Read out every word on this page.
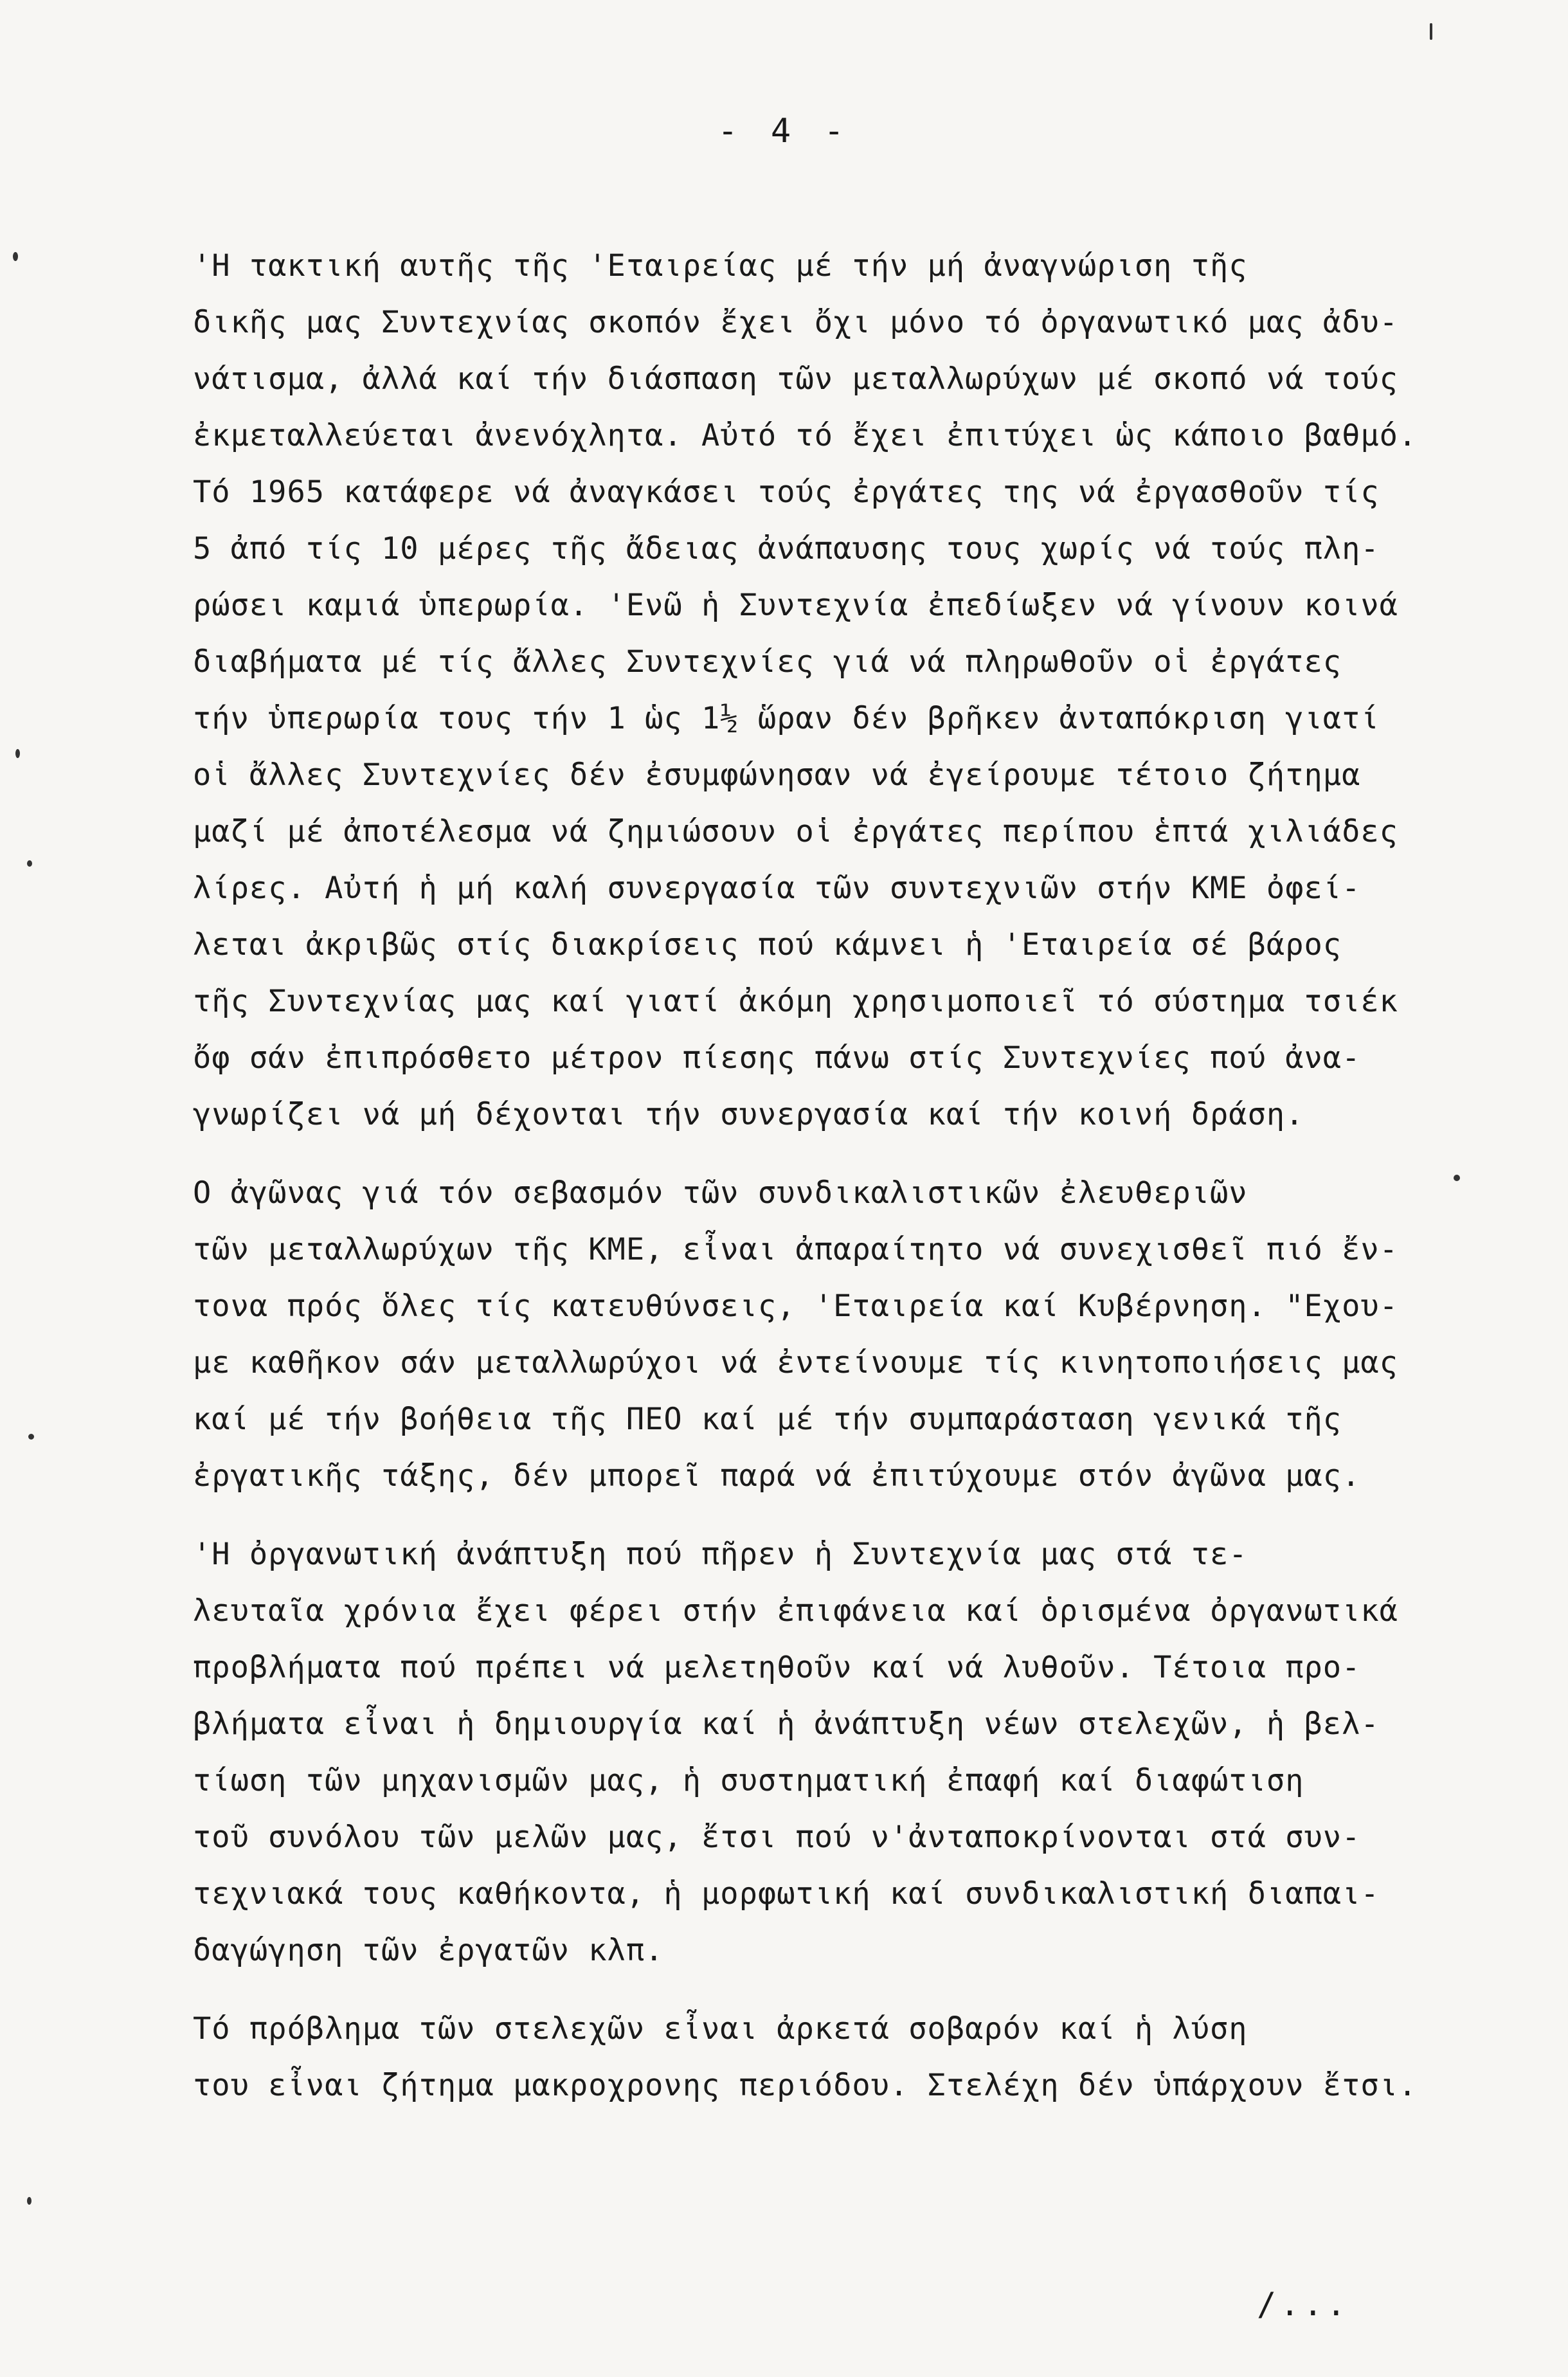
- 4 -
'Η τακτική αυτῆς τῆς 'Εταιρείας μέ τήν μή ἀναγνώριση τῆς
δικῆς μας Συντεχνίας σκοπόν ἔχει ὄχι μόνο τό ὀργανωτικό μας ἀδυ-
νάτισμα, ἀλλά καί τήν διάσπαση τῶν μεταλλωρύχων μέ σκοπό νά τούς
ἐκμεταλλεύεται ἀνενόχλητα. Αὐτό τό ἔχει ἐπιτύχει ὡς κάποιο βαθμό.
Τό 1965 κατάφερε νά ἀναγκάσει τούς ἐργάτες της νά ἐργασθοῦν τίς
5 ἀπό τίς 10 μέρες τῆς ἄδειας ἀνάπαυσης τους χωρίς νά τούς πλη-
ρώσει καμιά ὑπερωρία. 'Ενῶ ἡ Συντεχνία ἐπεδίωξεν νά γίνουν κοινά
διαβήματα μέ τίς ἄλλες Συντεχνίες γιά νά πληρωθοῦν οἱ ἐργάτες
τήν ὑπερωρία τους τήν 1 ὡς 1½ ὥραν δέν βρῆκεν ἀνταπόκριση γιατί
οἱ ἄλλες Συντεχνίες δέν ἐσυμφώνησαν νά ἐγείρουμε τέτοιο ζήτημα
μαζί μέ ἀποτέλεσμα νά ζημιώσουν οἱ ἐργάτες περίπου ἑπτά χιλιάδες
λίρες. Αὐτή ἡ μή καλή συνεργασία τῶν συντεχνιῶν στήν ΚΜΕ ὀφεί-
λεται ἀκριβῶς στίς διακρίσεις πού κάμνει ἡ 'Εταιρεία σέ βάρος
τῆς Συντεχνίας μας καί γιατί ἀκόμη χρησιμοποιεῖ τό σύστημα τσιέκ
ὄφ σάν ἐπιπρόσθετο μέτρον πίεσης πάνω στίς Συντεχνίες πού ἀνα-
γνωρίζει νά μή δέχονται τήν συνεργασία καί τήν κοινή δράση.
Ο ἀγῶνας γιά τόν σεβασμόν τῶν συνδικαλιστικῶν ἐλευθεριῶν
τῶν μεταλλωρύχων τῆς ΚΜΕ, εἶναι ἀπαραίτητο νά συνεχισθεῖ πιό ἔν-
τονα πρός ὅλες τίς κατευθύνσεις, 'Εταιρεία καί Κυβέρνηση. "Εχου-
με καθῆκον σάν μεταλλωρύχοι νά ἐντείνουμε τίς κινητοποιήσεις μας
καί μέ τήν βοήθεια τῆς ΠΕΟ καί μέ τήν συμπαράσταση γενικά τῆς
ἐργατικῆς τάξης, δέν μπορεῖ παρά νά ἐπιτύχουμε στόν ἀγῶνα μας.
'Η ὀργανωτική ἀνάπτυξη πού πῆρεν ἡ Συντεχνία μας στά τε-
λευταῖα χρόνια ἔχει φέρει στήν ἐπιφάνεια καί ὁρισμένα ὀργανωτικά
προβλήματα πού πρέπει νά μελετηθοῦν καί νά λυθοῦν. Τέτοια προ-
βλήματα εἶναι ἡ δημιουργία καί ἡ ἀνάπτυξη νέων στελεχῶν, ἡ βελ-
τίωση τῶν μηχανισμῶν μας, ἡ συστηματική ἐπαφή καί διαφώτιση
τοῦ συνόλου τῶν μελῶν μας, ἔτσι πού ν'ἀνταποκρίνονται στά συν-
τεχνιακά τους καθήκοντα, ἡ μορφωτική καί συνδικαλιστική διαπαι-
δαγώγηση τῶν ἐργατῶν κλπ.
Τό πρόβλημα τῶν στελεχῶν εἶναι ἀρκετά σοβαρόν καί ἡ λύση
του εἶναι ζήτημα μακροχρονης περιόδου. Στελέχη δέν ὑπάρχουν ἔτσι.
/...
